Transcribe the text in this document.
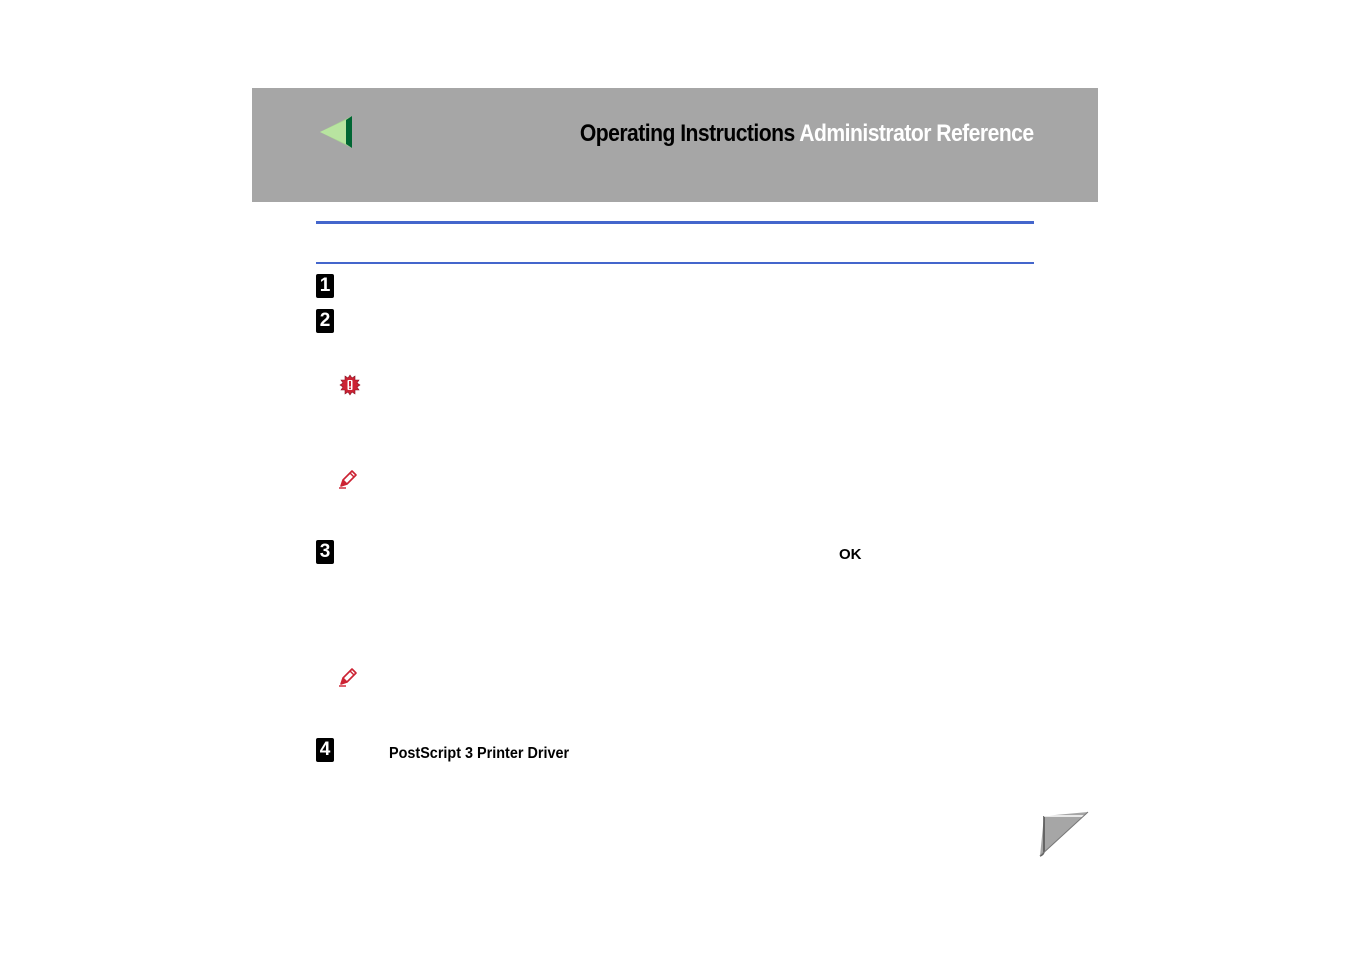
Operating Instructions Administrator Reference
1
2
3
4
OK
PostScript 3 Printer Driver
